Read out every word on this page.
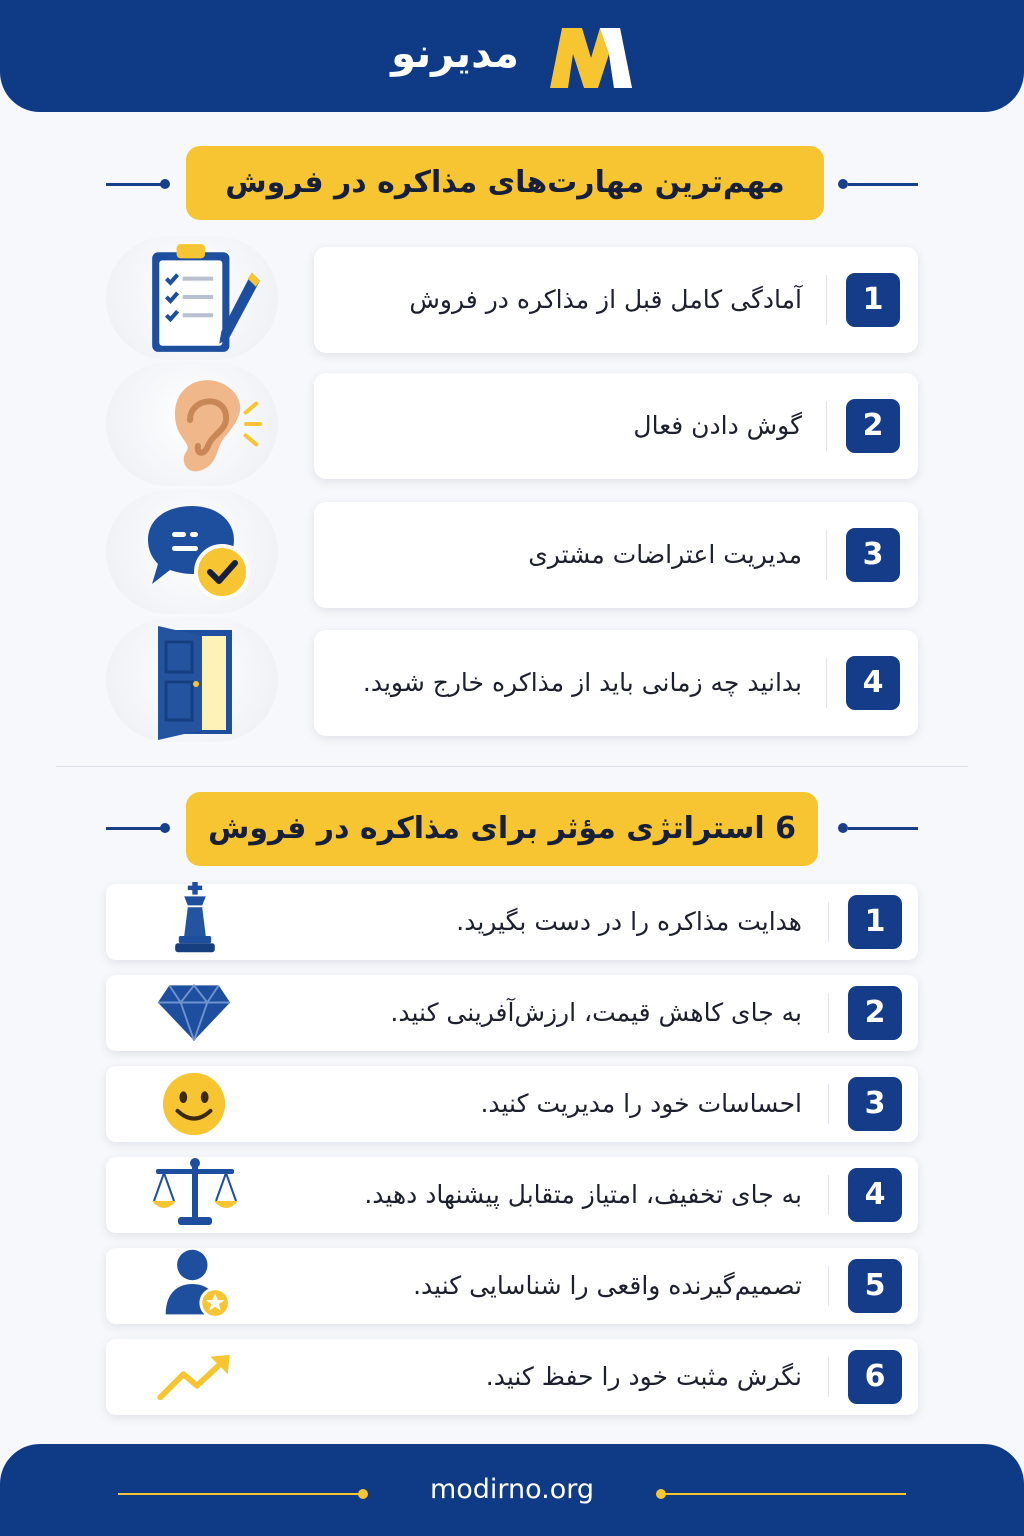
مدیرنو
مهم‌ترین مهارت‌های مذاکره در فروش
1
آمادگی کامل قبل از مذاکره در فروش
2
گوش دادن فعال
3
مدیریت اعتراضات مشتری
4
بدانید چه زمانی باید از مذاکره خارج شوید.
6 استراتژی مؤثر برای مذاکره در فروش
1
هدایت مذاکره را در دست بگیرید.
2
به جای کاهش قیمت، ارزش‌آفرینی کنید.
3
احساسات خود را مدیریت کنید.
4
به جای تخفیف، امتیاز متقابل پیشنهاد دهید.
5
تصمیم‌گیرنده واقعی را شناسایی کنید.
6
نگرش مثبت خود را حفظ کنید.
modirno.org
